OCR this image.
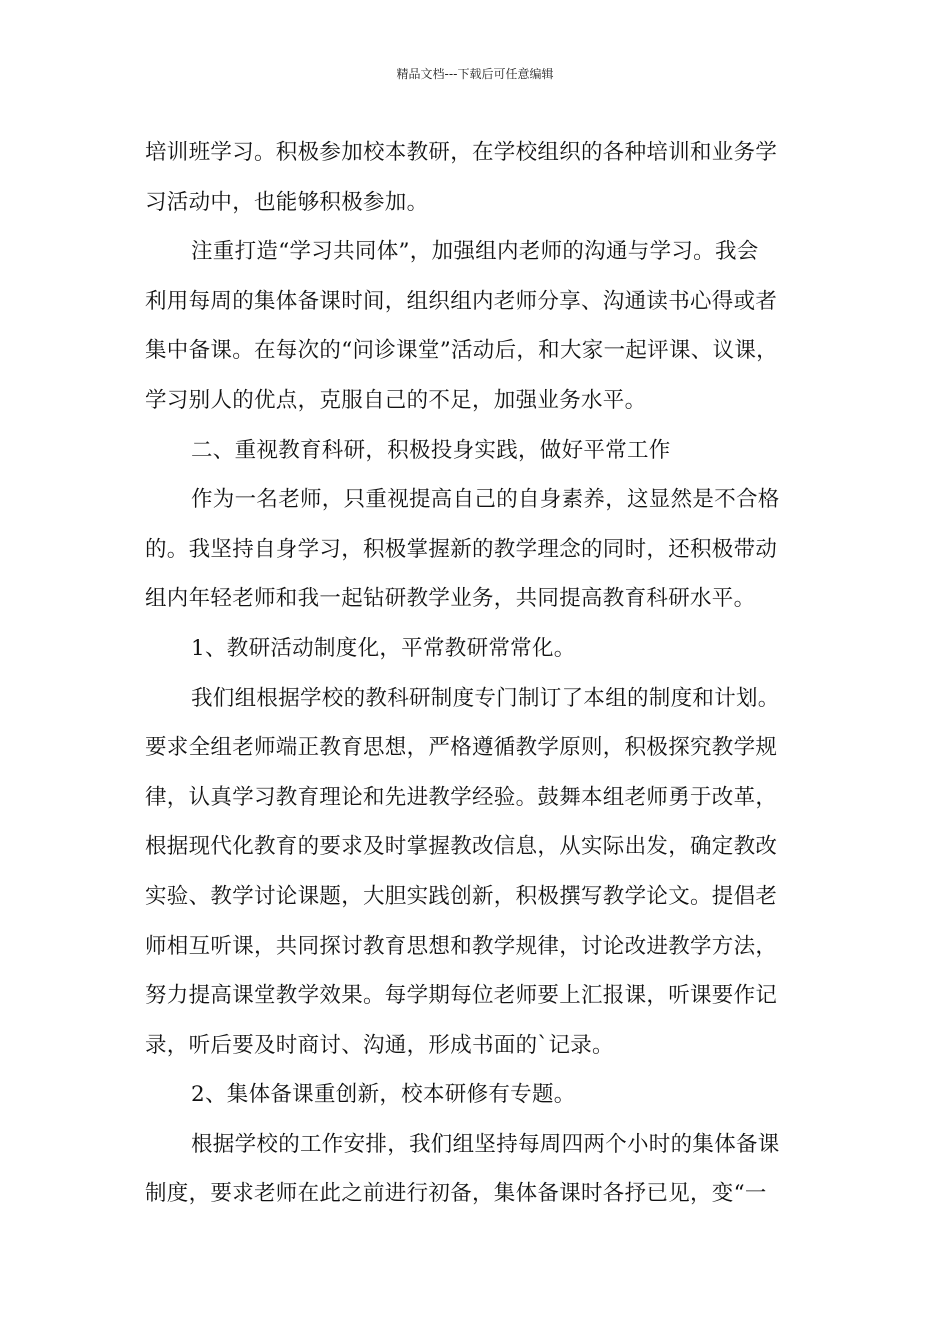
精品文档---下载后可任意编辑
培训班学习。积极参加校本教研，在学校组织的各种培训和业务学
习活动中，也能够积极参加。
注重打造“学习共同体”，加强组内老师的沟通与学习。我会
利用每周的集体备课时间，组织组内老师分享、沟通读书心得或者
集中备课。在每次的“问诊课堂”活动后，和大家一起评课、议课，
学习别人的优点，克服自己的不足，加强业务水平。
二、重视教育科研，积极投身实践，做好平常工作
作为一名老师，只重视提高自己的自身素养，这显然是不合格
的。我坚持自身学习，积极掌握新的教学理念的同时，还积极带动
组内年轻老师和我一起钻研教学业务，共同提高教育科研水平。
1、教研活动制度化，平常教研常常化。
我们组根据学校的教科研制度专门制订了本组的制度和计划。
要求全组老师端正教育思想，严格遵循教学原则，积极探究教学规
律，认真学习教育理论和先进教学经验。鼓舞本组老师勇于改革，
根据现代化教育的要求及时掌握教改信息，从实际出发，确定教改
实验、教学讨论课题，大胆实践创新，积极撰写教学论文。提倡老
师相互听课，共同探讨教育思想和教学规律，讨论改进教学方法，
努力提高课堂教学效果。每学期每位老师要上汇报课，听课要作记
录，听后要及时商讨、沟通，形成书面的`记录。
2、集体备课重创新，校本研修有专题。
根据学校的工作安排，我们组坚持每周四两个小时的集体备课
制度，要求老师在此之前进行初备，集体备课时各抒已见，变“一
